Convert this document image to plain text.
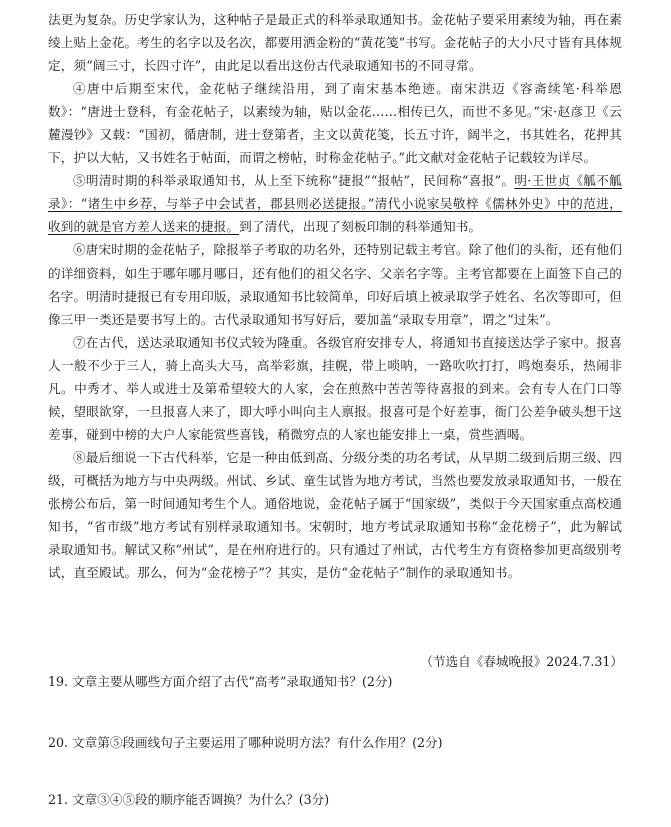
法更为复杂。历史学家认为，这种帖子是最正式的科举录取通知书。金花帖子要采用素绫为轴，再在素绫上贴上金花。考生的名字以及名次，都要用洒金粉的“黄花笺”书写。金花帖子的大小尺寸皆有具体规定，须“阔三寸，长四寸许”，由此足以看出这份古代录取通知书的不同寻常。

④唐中后期至宋代，金花帖子继续沿用，到了南宋基本绝迹。南宋洪迈《容斋续笔·科举恩数》：“唐进士登科，有金花帖子，以素绫为轴，贴以金花……相传已久，而世不多见。”宋·赵彦卫《云麓漫钞》又载：“国初，循唐制，进士登第者，主文以黄花笺，长五寸许，阔半之，书其姓名，花押其下，护以大帖，又书姓名于帖面，而谓之榜帖，时称金花帖子。”此文献对金花帖子记载较为详尽。

⑤明清时期的科举录取通知书，从上至下统称“捷报”“报帖”，民间称“喜报”。明·王世贞《觚不觚录》：“诸生中乡荐，与举子中会试者，郡县则必送捷报。”清代小说家吴敬梓《儒林外史》中的范进，收到的就是官方差人送来的捷报。到了清代，出现了刻板印制的科举通知书。

⑥唐宋时期的金花帖子，除报举子考取的功名外，还特别记载主考官。除了他们的头衔，还有他们的详细资料，如生于哪年哪月哪日，还有他们的祖父名字、父亲名字等。主考官都要在上面签下自己的名字。明清时捷报已有专用印版，录取通知书比较简单，印好后填上被录取学子姓名、名次等即可，但像三甲一类还是要书写上的。古代录取通知书写好后，要加盖“录取专用章”，谓之“过朱”。

⑦在古代，送达录取通知书仪式较为隆重。各级官府安排专人，将通知书直接送达学子家中。报喜人一般不少于三人，骑上高头大马，高举彩旗，挂幌，带上唢呐，一路吹吹打打，鸣炮奏乐，热闹非凡。中秀才、举人或进士及第希望较大的人家，会在煎熬中苦苦等待喜报的到来。会有专人在门口等候，望眼欲穿，一旦报喜人来了，即大呼小叫向主人禀报。报喜可是个好差事，衙门公差争破头想干这差事，碰到中榜的大户人家能赏些喜钱，稍微穷点的人家也能安排上一桌，赏些酒喝。

⑧最后细说一下古代科举，它是一种由低到高、分级分类的功名考试，从早期二级到后期三级、四级，可概括为地方与中央两级。州试、乡试、童生试皆为地方考试，当然也要发放录取通知书，一般在张榜公布后，第一时间通知考生个人。通俗地说，金花帖子属于“国家级”，类似于今天国家重点高校通知书，“省市级”地方考试有别样录取通知书。宋朝时，地方考试录取通知书称“金花榜子”，此为解试录取通知书。解试又称“州试”，是在州府进行的。只有通过了州试，古代考生方有资格参加更高级别考试，直至殿试。那么，何为“金花榜子”？其实，是仿“金花帖子”制作的录取通知书。

（节选自《春城晚报》2024.7.31）
19. 文章主要从哪些方面介绍了古代“高考”录取通知书？(2分)
20. 文章第⑤段画线句子主要运用了哪种说明方法？有什么作用？(2分)
21. 文章③④⑤段的顺序能否调换？为什么？(3分)
